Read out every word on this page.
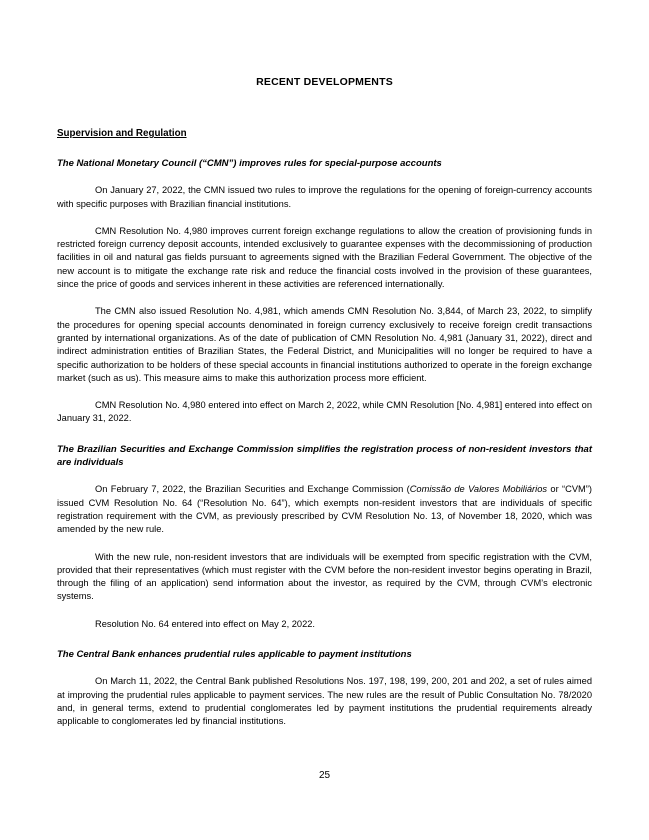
RECENT DEVELOPMENTS
Supervision and Regulation
The National Monetary Council (“CMN”) improves rules for special-purpose accounts

On January 27, 2022, the CMN issued two rules to improve the regulations for the opening of foreign-currency accounts with specific purposes with Brazilian financial institutions.

CMN Resolution No. 4,980 improves current foreign exchange regulations to allow the creation of provisioning funds in restricted foreign currency deposit accounts, intended exclusively to guarantee expenses with the decommissioning of production facilities in oil and natural gas fields pursuant to agreements signed with the Brazilian Federal Government. The objective of the new account is to mitigate the exchange rate risk and reduce the financial costs involved in the provision of these guarantees, since the price of goods and services inherent in these activities are referenced internationally.

The CMN also issued Resolution No. 4,981, which amends CMN Resolution No. 3,844, of March 23, 2022, to simplify the procedures for opening special accounts denominated in foreign currency exclusively to receive foreign credit transactions granted by international organizations. As of the date of publication of CMN Resolution No. 4,981 (January 31, 2022), direct and indirect administration entities of Brazilian States, the Federal District, and Municipalities will no longer be required to have a specific authorization to be holders of these special accounts in financial institutions authorized to operate in the foreign exchange market (such as us). This measure aims to make this authorization process more efficient.

CMN Resolution No. 4,980 entered into effect on March 2, 2022, while CMN Resolution [No. 4,981] entered into effect on January 31, 2022.

The Brazilian Securities and Exchange Commission simplifies the registration process of non-resident investors that are individuals

On February 7, 2022, the Brazilian Securities and Exchange Commission (Comissão de Valores Mobiliários or “CVM”) issued CVM Resolution No. 64 (“Resolution No. 64”), which exempts non-resident investors that are individuals of specific registration requirement with the CVM, as previously prescribed by CVM Resolution No. 13, of November 18, 2020, which was amended by the new rule.

With the new rule, non-resident investors that are individuals will be exempted from specific registration with the CVM, provided that their representatives (which must register with the CVM before the non-resident investor begins operating in Brazil, through the filing of an application) send information about the investor, as required by the CVM, through CVM’s electronic systems.

Resolution No. 64 entered into effect on May 2, 2022.

The Central Bank enhances prudential rules applicable to payment institutions

On March 11, 2022, the Central Bank published Resolutions Nos. 197, 198, 199, 200, 201 and 202, a set of rules aimed at improving the prudential rules applicable to payment services. The new rules are the result of Public Consultation No. 78/2020 and, in general terms, extend to prudential conglomerates led by payment institutions the prudential requirements already applicable to conglomerates led by financial institutions.

25
